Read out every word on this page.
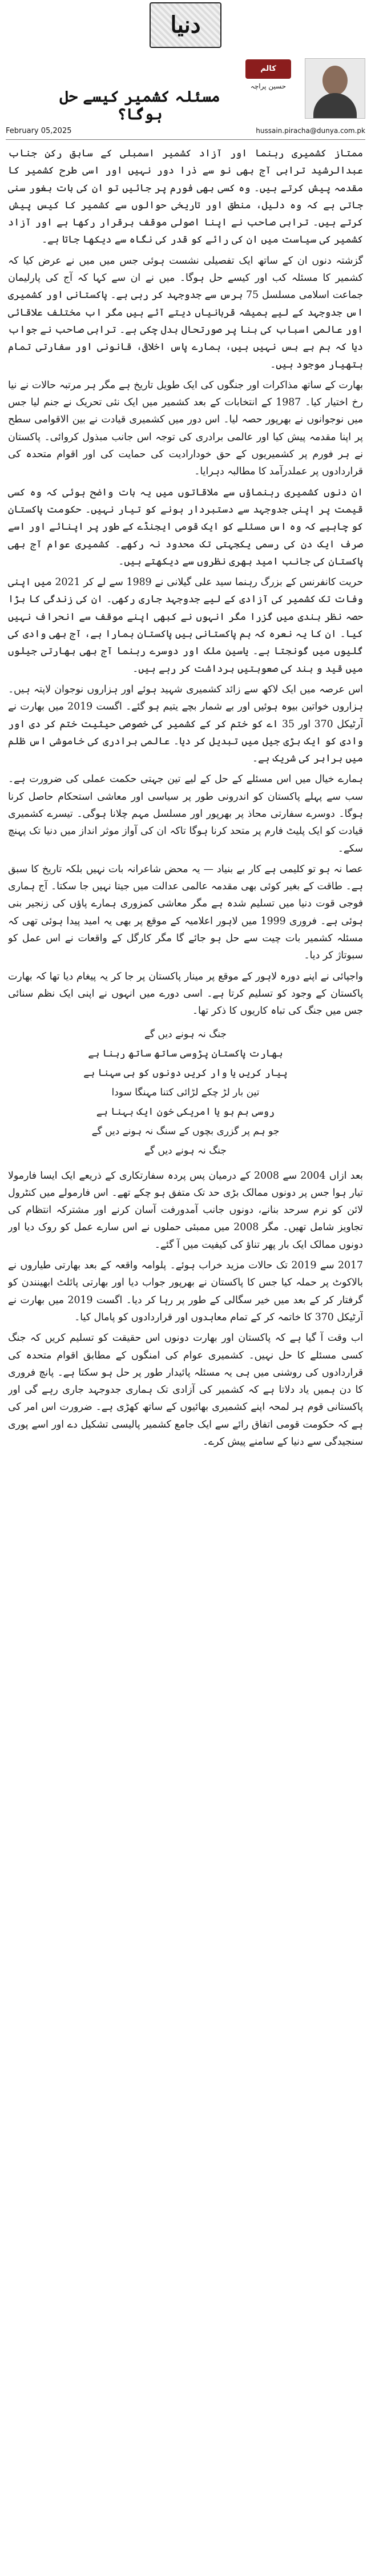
دنیا
کالم
حسین پراچہ
مسئلہ کشمیر کیسے حل ہوگا؟
February 05,2025	hussain.piracha@dunya.com.pk

ممتاز کشمیری رہنما اور آزاد کشمیر اسمبلی کے سابق رکن جناب عبدالرشید ترابی آج بھی نو سے ذرا دور نہیں اور اسی طرح کشمیر کا مقدمہ پیش کرتے ہیں۔ وہ کسی بھی فورم پر جائیں تو ان کی بات بغور سنی جاتی ہے کہ وہ دلیل، منطق اور تاریخی حوالوں سے کشمیر کا کیس پیش کرتے ہیں۔ ترابی صاحب نے اپنا اصولی موقف برقرار رکھا ہے اور آزاد کشمیر کی سیاست میں ان کی رائے کو قدر کی نگاہ سے دیکھا جاتا ہے۔

گزشتہ دنوں ان کے ساتھ ایک تفصیلی نشست ہوئی جس میں میں نے عرض کیا کہ کشمیر کا مسئلہ کب اور کیسے حل ہوگا۔ میں نے ان سے کہا کہ آج کی پارلیمان جماعت اسلامی مسلسل 75 برس سے جدوجہد کر رہی ہے۔ پاکستانی اور کشمیری اس جدوجہد کے لیے ہمیشہ قربانیاں دیتے آئے ہیں مگر اب مختلف علاقائی اور عالمی اسباب کی بنا پر صورتحال بدل چکی ہے۔ ترابی صاحب نے جواب دیا کہ ہم بے بس نہیں ہیں، ہمارے پاس اخلاقی، قانونی اور سفارتی تمام ہتھیار موجود ہیں۔

بھارت کے ساتھ مذاکرات اور جنگوں کی ایک طویل تاریخ ہے مگر ہر مرتبہ حالات نے نیا رخ اختیار کیا۔ 1987 کے انتخابات کے بعد کشمیر میں ایک نئی تحریک نے جنم لیا جس میں نوجوانوں نے بھرپور حصہ لیا۔ اس دور میں کشمیری قیادت نے بین الاقوامی سطح پر اپنا مقدمہ پیش کیا اور عالمی برادری کی توجہ اس جانب مبذول کروائی۔ پاکستان نے ہر فورم پر کشمیریوں کے حق خودارادیت کی حمایت کی اور اقوام متحدہ کی قراردادوں پر عملدرآمد کا مطالبہ دہرایا۔

ان دنوں کشمیری رہنماؤں سے ملاقاتوں میں یہ بات واضح ہوئی کہ وہ کسی قیمت پر اپنی جدوجہد سے دستبردار ہونے کو تیار نہیں۔ حکومت پاکستان کو چاہیے کہ وہ اس مسئلے کو ایک قومی ایجنڈے کے طور پر اپنائے اور اسے صرف ایک دن کی رسمی یکجہتی تک محدود نہ رکھے۔ کشمیری عوام آج بھی پاکستان کی جانب امید بھری نظروں سے دیکھتے ہیں۔

حریت کانفرنس کے بزرگ رہنما سید علی گیلانی نے 1989 سے لے کر 2021 میں اپنی وفات تک کشمیر کی آزادی کے لیے جدوجہد جاری رکھی۔ ان کی زندگی کا بڑا حصہ نظر بندی میں گزرا مگر انہوں نے کبھی اپنے موقف سے انحراف نہیں کیا۔ ان کا یہ نعرہ کہ ہم پاکستانی ہیں پاکستان ہمارا ہے، آج بھی وادی کی گلیوں میں گونجتا ہے۔ یاسین ملک اور دوسرے رہنما آج بھی بھارتی جیلوں میں قید و بند کی صعوبتیں برداشت کر رہے ہیں۔

اس عرصہ میں ایک لاکھ سے زائد کشمیری شہید ہوئے اور ہزاروں نوجوان لاپتہ ہیں۔ ہزاروں خواتین بیوہ ہوئیں اور بے شمار بچے یتیم ہو گئے۔ اگست 2019 میں بھارت نے آرٹیکل 370 اور 35 اے کو ختم کر کے کشمیر کی خصوصی حیثیت ختم کر دی اور وادی کو ایک بڑی جیل میں تبدیل کر دیا۔ عالمی برادری کی خاموشی اس ظلم میں برابر کی شریک ہے۔

ہمارے خیال میں اس مسئلے کے حل کے لیے تین جہتی حکمت عملی کی ضرورت ہے۔ سب سے پہلے پاکستان کو اندرونی طور پر سیاسی اور معاشی استحکام حاصل کرنا ہوگا۔ دوسرے سفارتی محاذ پر بھرپور اور مسلسل مہم چلانا ہوگی۔ تیسرے کشمیری قیادت کو ایک پلیٹ فارم پر متحد کرنا ہوگا تاکہ ان کی آواز موثر انداز میں دنیا تک پہنچ سکے۔

عصا نہ ہو تو کلیمی ہے کار بے بنیاد — یہ محض شاعرانہ بات نہیں بلکہ تاریخ کا سبق ہے۔ طاقت کے بغیر کوئی بھی مقدمہ عالمی عدالت میں جیتا نہیں جا سکتا۔ آج ہماری فوجی قوت دنیا میں تسلیم شدہ ہے مگر معاشی کمزوری ہمارے پاؤں کی زنجیر بنی ہوئی ہے۔ فروری 1999 میں لاہور اعلامیہ کے موقع پر بھی یہ امید پیدا ہوئی تھی کہ مسئلہ کشمیر بات چیت سے حل ہو جائے گا مگر کارگل کے واقعات نے اس عمل کو سبوتاژ کر دیا۔

واجپائی نے اپنے دورہ لاہور کے موقع پر مینار پاکستان پر جا کر یہ پیغام دیا تھا کہ بھارت پاکستان کے وجود کو تسلیم کرتا ہے۔ اسی دورے میں انہوں نے اپنی ایک نظم سنائی جس میں جنگ کی تباہ کاریوں کا ذکر تھا۔

جنگ نہ ہونے دیں گے
بھارت پاکستان پڑوسی ساتھ ساتھ رہنا ہے
پیار کریں یا وار کریں دونوں کو ہی سہنا ہے
تین بار لڑ چکے لڑائی کتنا مہنگا سودا
روسی بم ہو یا امریکی خون ایک بہنا ہے
جو ہم پر گزری بچوں کے سنگ نہ ہونے دیں گے
جنگ نہ ہونے دیں گے

بعد ازاں 2004 سے 2008 کے درمیان پس پردہ سفارتکاری کے ذریعے ایک ایسا فارمولا تیار ہوا جس پر دونوں ممالک بڑی حد تک متفق ہو چکے تھے۔ اس فارمولے میں کنٹرول لائن کو نرم سرحد بنانے، دونوں جانب آمدورفت آسان کرنے اور مشترکہ انتظام کی تجاویز شامل تھیں۔ مگر 2008 میں ممبئی حملوں نے اس سارے عمل کو روک دیا اور دونوں ممالک ایک بار پھر تناؤ کی کیفیت میں آ گئے۔

2017 سے 2019 تک حالات مزید خراب ہوئے۔ پلوامہ واقعہ کے بعد بھارتی طیاروں نے بالاکوٹ پر حملہ کیا جس کا پاکستان نے بھرپور جواب دیا اور بھارتی پائلٹ ابھینندن کو گرفتار کر کے بعد میں خیر سگالی کے طور پر رہا کر دیا۔ اگست 2019 میں بھارت نے آرٹیکل 370 کا خاتمہ کر کے تمام معاہدوں اور قراردادوں کو پامال کیا۔

اب وقت آ گیا ہے کہ پاکستان اور بھارت دونوں اس حقیقت کو تسلیم کریں کہ جنگ کسی مسئلے کا حل نہیں۔ کشمیری عوام کی امنگوں کے مطابق اقوام متحدہ کی قراردادوں کی روشنی میں ہی یہ مسئلہ پائیدار طور پر حل ہو سکتا ہے۔ پانچ فروری کا دن ہمیں یاد دلاتا ہے کہ کشمیر کی آزادی تک ہماری جدوجہد جاری رہے گی اور پاکستانی قوم ہر لمحہ اپنے کشمیری بھائیوں کے ساتھ کھڑی ہے۔ ضرورت اس امر کی ہے کہ حکومت قومی اتفاق رائے سے ایک جامع کشمیر پالیسی تشکیل دے اور اسے پوری سنجیدگی سے دنیا کے سامنے پیش کرے۔
